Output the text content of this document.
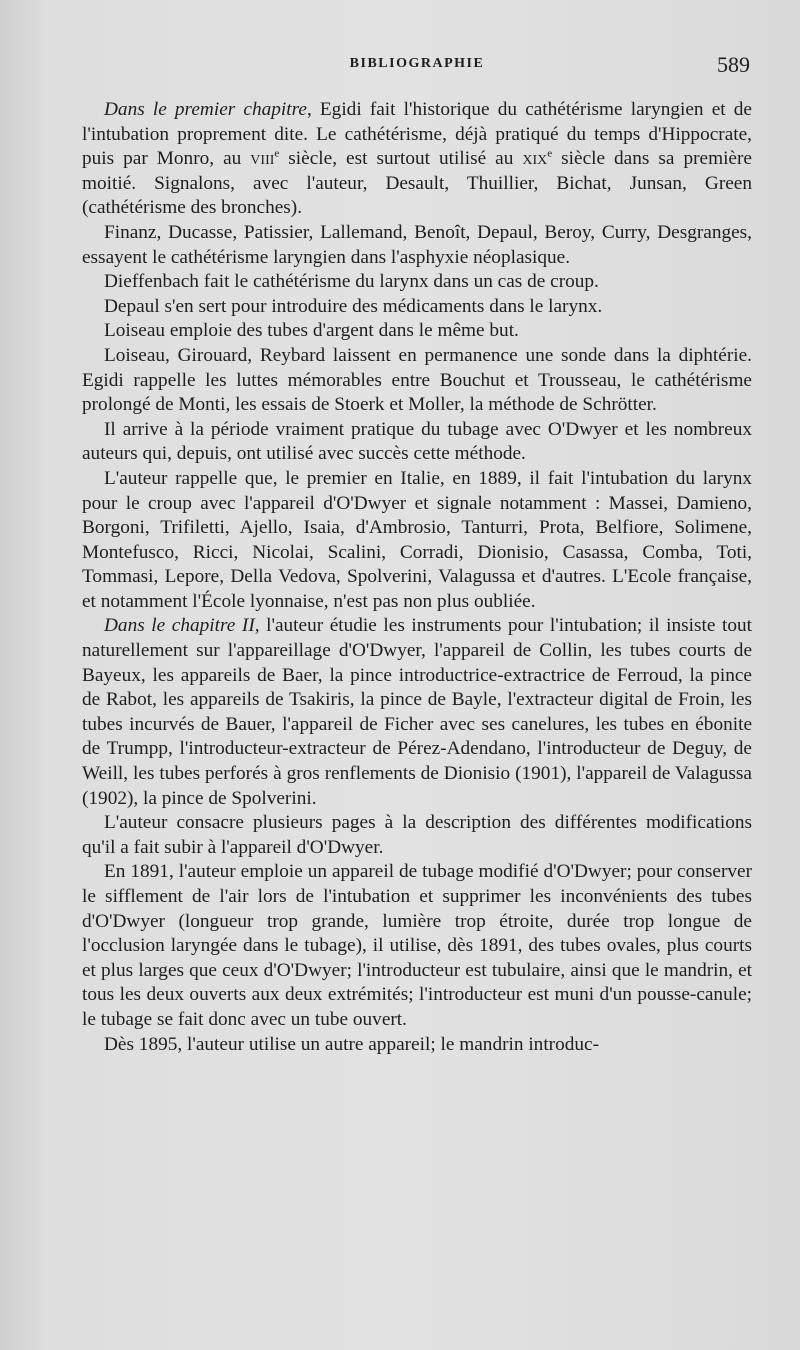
BIBLIOGRAPHIE	589

Dans le premier chapitre, Egidi fait l'historique du cathétérisme laryngien et de l'intubation proprement dite. Le cathétérisme, déjà pratiqué du temps d'Hippocrate, puis par Monro, au viii$^e$ siècle, est surtout utilisé au xix$^e$ siècle dans sa première moitié. Signalons, avec l'auteur, Desault, Thuillier, Bichat, Junsan, Green (cathétérisme des bronches).

Finanz, Ducasse, Patissier, Lallemand, Benoît, Depaul, Beroy, Curry, Desgranges, essayent le cathétérisme laryngien dans l'asphyxie néoplasique.

Dieffenbach fait le cathétérisme du larynx dans un cas de croup.

Depaul s'en sert pour introduire des médicaments dans le larynx.

Loiseau emploie des tubes d'argent dans le même but.

Loiseau, Girouard, Reybard laissent en permanence une sonde dans la diphtérie. Egidi rappelle les luttes mémorables entre Bouchut et Trousseau, le cathétérisme prolongé de Monti, les essais de Stoerk et Moller, la méthode de Schrötter.

Il arrive à la période vraiment pratique du tubage avec O'Dwyer et les nombreux auteurs qui, depuis, ont utilisé avec succès cette méthode.

L'auteur rappelle que, le premier en Italie, en 1889, il fait l'intubation du larynx pour le croup avec l'appareil d'O'Dwyer et signale notamment : Massei, Damieno, Borgoni, Trifiletti, Ajello, Isaia, d'Ambrosio, Tanturri, Prota, Belfiore, Solimene, Montefusco, Ricci, Nicolai, Scalini, Corradi, Dionisio, Casassa, Comba, Toti, Tommasi, Lepore, Della Vedova, Spolverini, Valagussa et d'autres. L'Ecole française, et notamment l'École lyonnaise, n'est pas non plus oubliée.

Dans le chapitre II, l'auteur étudie les instruments pour l'intubation; il insiste tout naturellement sur l'appareillage d'O'Dwyer, l'appareil de Collin, les tubes courts de Bayeux, les appareils de Baer, la pince introductrice-extractrice de Ferroud, la pince de Rabot, les appareils de Tsakiris, la pince de Bayle, l'extracteur digital de Froin, les tubes incurvés de Bauer, l'appareil de Ficher avec ses canelures, les tubes en ébonite de Trumpp, l'introducteur-extracteur de Pérez-Adendano, l'introducteur de Deguy, de Weill, les tubes perforés à gros renflements de Dionisio (1901), l'appareil de Valagussa (1902), la pince de Spolverini.

L'auteur consacre plusieurs pages à la description des différentes modifications qu'il a fait subir à l'appareil d'O'Dwyer.

En 1891, l'auteur emploie un appareil de tubage modifié d'O'Dwyer; pour conserver le sifflement de l'air lors de l'intubation et supprimer les inconvénients des tubes d'O'Dwyer (longueur trop grande, lumière trop étroite, durée trop longue de l'occlusion laryngée dans le tubage), il utilise, dès 1891, des tubes ovales, plus courts et plus larges que ceux d'O'Dwyer; l'introducteur est tubulaire, ainsi que le mandrin, et tous les deux ouverts aux deux extrémités; l'introducteur est muni d'un pousse-canule; le tubage se fait donc avec un tube ouvert.

Dès 1895, l'auteur utilise un autre appareil; le mandrin introduc-
